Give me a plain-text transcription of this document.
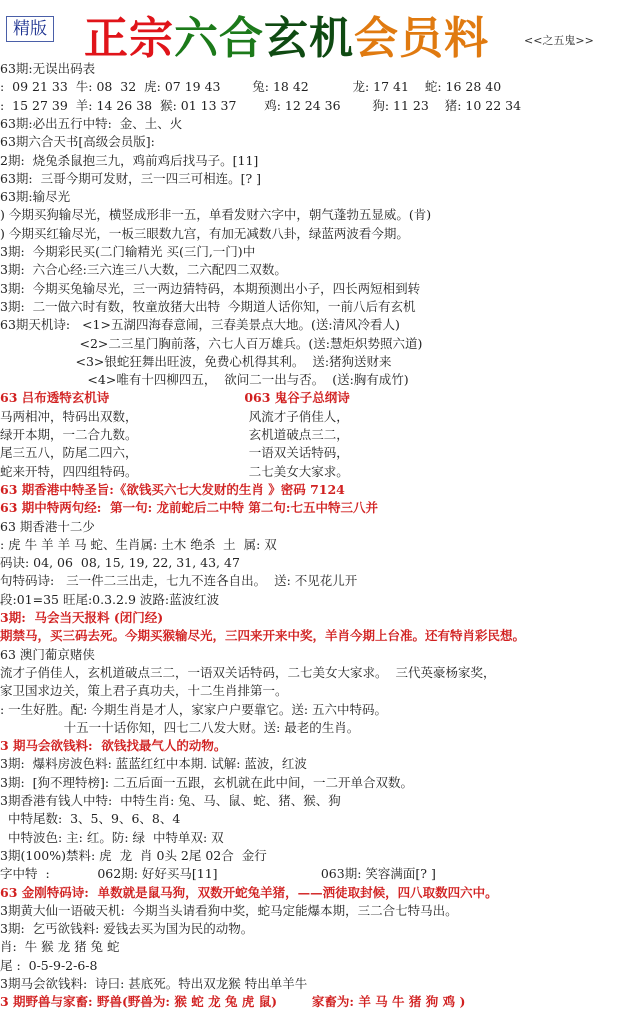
精版 正宗六合玄机会员料	<<之五鬼>>
63期:无误出码表
:  09 21 33  牛: 08  32  虎: 07 19 43        兔: 18 42           龙: 17 41    蛇: 16 28 40
:  15 27 39  羊: 14 26 38  猴: 01 13 37       鸡: 12 24 36        狗: 11 23    猪: 10 22 34
63期:必出五行中特:  金、土、火
63期六合天书[高级会员版]:
2期:  烧兔杀鼠抱三九，鸡前鸡后找马子。[11]
63期:  三哥今期可发财，三一四三可相连。[? ]
63期:输尽光
) 今期买狗输尽光，横竖成形非一五，单看发财六字中，朝气蓬勃五显威。(肯)
) 今期买红输尽光，一板三眼数九宫，有加无减数八卦，绿蓝两波看今期。
3期:  今期彩民买(二门输精光 买(三门,一门)中
3期:  六合心经:三六连三八大数，二六配四二双数。
3期:  今期买兔输尽光，三一两边猜特码，本期预测出小子，四长两短相到转
3期:  二一做六时有数，牧童放猪大出特  今期道人话你知，一前八后有玄机
63期天机诗:   <1>五湖四海春意闹，三春美景点大地。(送:清风冷看人)
<2>二三星门胸前落，六七人百万雄兵。(送:慧炬炽势照六道)
<3>银蛇狂舞出旺波，免费心机得其利。  送:猪狗送财来
<4>唯有十四柳四五，  欲问二一出与否。  (送:胸有成竹)
63 吕布透特玄机诗	063 鬼谷子总纲诗
马两相冲，特码出双数，                            风流才子俏佳人，
绿开本期，一二合九数。                            玄机道破点三二，
尾三五八，防尾二四六，                            一语双关话特码，
蛇来开特，四四组特码。                            二七美女大家求。
63 期香港中特圣旨:《欲钱买六七大发财的生肖 》密码 7124
63 期中特两句经:  第一句: 龙前蛇后二中特 第二句:七五中特三八并
63 期香港十二少
: 虎 牛 羊 羊 马 蛇、生肖属: 土木 绝杀  土  属: 双
码诀: 04, 06  08, 15, 19, 22, 31, 43, 47
句特码诗:   三一件二三出走，七九不连各自出。  送: 不见花儿开
段:01=35 旺尾:0.3.2.9 波路:蓝波红波
3期:  马会当天报料 (闭门经)
期禁马，买三码去死。今期买猴输尽光，三四来开来中奖，羊肖今期上台准。还有特肖彩民想。
63 澳门葡京赌侠
流才子俏佳人，玄机道破点三二，一语双关话特码，二七美女大家求。  三代英豪杨家奖，
家卫国求边关，策上君子真功夫，十二生肖排第一。
: 一生好胜。配: 今期生肖是才人，家家户户要靠它。送: 五六中特码。
十五一十话你知，四七二八发大财。送: 最老的生肖。
3 期马会欲钱料:  欲钱找最气人的动物。
3期:  爆料房波色料: 蓝蓝红红中本期. 试解: 蓝波，红波
3期:  [狗不理特榜]: 二五后面一五跟，玄机就在此中间，一二开单合双数。
3期香港有钱人中特:  中特生肖: 兔、马、鼠、蛇、猪、猴、狗
中特尾数:  3、5、9、6、8、4
中特波色: 主: 红。防: 绿  中特单双: 双
3期(100%)禁料: 虎  龙  肖 0头 2尾 02合  金行
字中特  :            062期: 好好买马[11]                          063期: 笑容满面[? ]
63 金刚特码诗:  单数就是鼠马狗，双数开蛇兔羊猪，——洒徒取封候，四八取数四六中。
3期黄大仙一语破天机:  今期当头请看狗中奖，蛇马定能爆本期，三二合七特马出。
3期:  乞丐欲钱料: 爱钱去买为国为民的动物。
肖:  牛 猴 龙 猪 兔 蛇
尾 :  0-5-9-2-6-8
3期马会欲钱料:  诗曰: 甚底死。特出双龙猴 特出单羊牛
3 期野兽与家畜: 野兽(野兽为: 猴 蛇 龙 兔 虎 鼠)        家畜为: 羊 马 牛 猪 狗 鸡 )
